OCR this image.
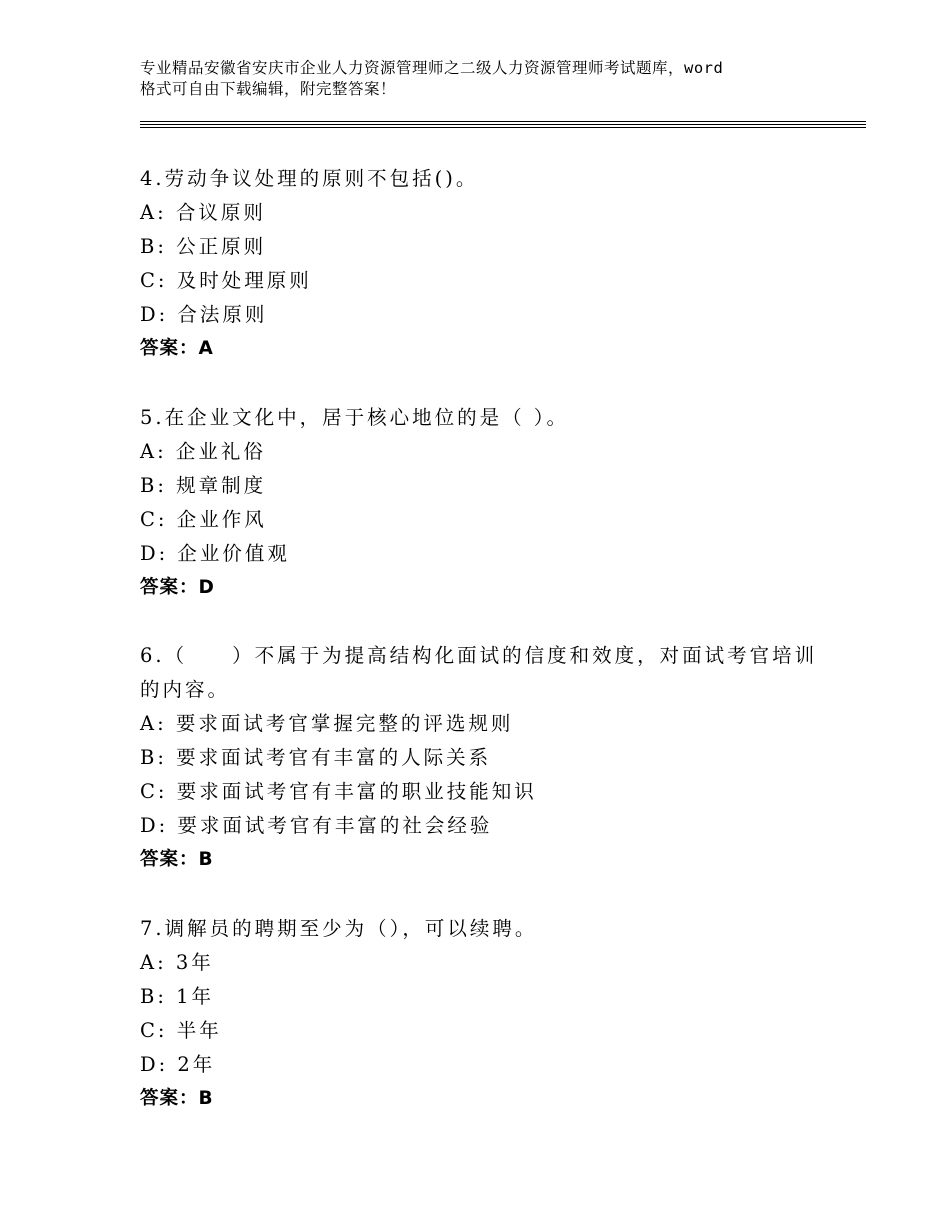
专业精品安徽省安庆市企业人力资源管理师之二级人力资源管理师考试题库，word
格式可自由下载编辑，附完整答案！
4.劳动争议处理的原则不包括()。
A: 合议原则
B: 公正原则
C: 及时处理原则
D: 合法原则
答案：A
5.在企业文化中，居于核心地位的是（ ）。
A: 企业礼俗
B: 规章制度
C: 企业作风
D: 企业价值观
答案：D
6.（　　）不属于为提高结构化面试的信度和效度，对面试考官培训
的内容。
A: 要求面试考官掌握完整的评选规则
B: 要求面试考官有丰富的人际关系
C: 要求面试考官有丰富的职业技能知识
D: 要求面试考官有丰富的社会经验
答案：B
7.调解员的聘期至少为（），可以续聘。
A: 3年
B: 1年
C: 半年
D: 2年
答案：B
